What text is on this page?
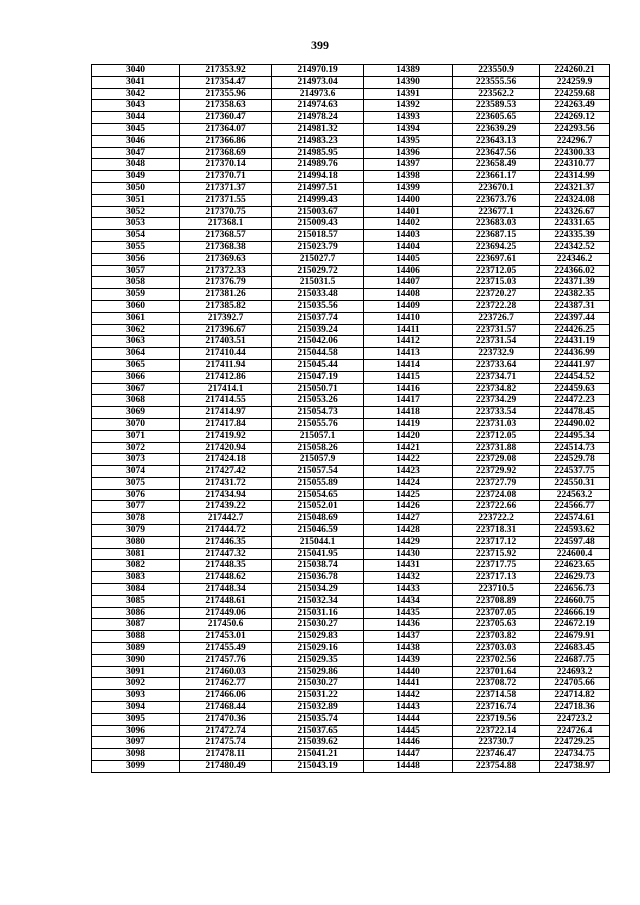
399
3040	217353.92	214970.19	14389	223550.9	224260.21
3041	217354.47	214973.04	14390	223555.56	224259.9
3042	217355.96	214973.6	14391	223562.2	224259.68
3043	217358.63	214974.63	14392	223589.53	224263.49
3044	217360.47	214978.24	14393	223605.65	224269.12
3045	217364.07	214981.32	14394	223639.29	224293.56
3046	217366.86	214983.23	14395	223643.13	224296.7
3047	217368.69	214985.95	14396	223647.56	224300.33
3048	217370.14	214989.76	14397	223658.49	224310.77
3049	217370.71	214994.18	14398	223661.17	224314.99
3050	217371.37	214997.51	14399	223670.1	224321.37
3051	217371.55	214999.43	14400	223673.76	224324.08
3052	217370.75	215003.67	14401	223677.1	224326.67
3053	217368.1	215009.43	14402	223683.03	224331.65
3054	217368.57	215018.57	14403	223687.15	224335.39
3055	217368.38	215023.79	14404	223694.25	224342.52
3056	217369.63	215027.7	14405	223697.61	224346.2
3057	217372.33	215029.72	14406	223712.05	224366.02
3058	217376.79	215031.5	14407	223715.03	224371.39
3059	217381.26	215033.48	14408	223720.27	224382.35
3060	217385.82	215035.56	14409	223722.28	224387.31
3061	217392.7	215037.74	14410	223726.7	224397.44
3062	217396.67	215039.24	14411	223731.57	224426.25
3063	217403.51	215042.06	14412	223731.54	224431.19
3064	217410.44	215044.58	14413	223732.9	224436.99
3065	217411.94	215045.44	14414	223733.64	224441.97
3066	217412.86	215047.19	14415	223734.71	224454.52
3067	217414.1	215050.71	14416	223734.82	224459.63
3068	217414.55	215053.26	14417	223734.29	224472.23
3069	217414.97	215054.73	14418	223733.54	224478.45
3070	217417.84	215055.76	14419	223731.03	224490.02
3071	217419.92	215057.1	14420	223712.05	224495.34
3072	217420.94	215058.26	14421	223731.88	224514.73
3073	217424.18	215057.9	14422	223729.08	224529.78
3074	217427.42	215057.54	14423	223729.92	224537.75
3075	217431.72	215055.89	14424	223727.79	224550.31
3076	217434.94	215054.65	14425	223724.08	224563.2
3077	217439.22	215052.01	14426	223722.66	224566.77
3078	217442.7	215048.69	14427	223722.2	224574.61
3079	217444.72	215046.59	14428	223718.31	224593.62
3080	217446.35	215044.1	14429	223717.12	224597.48
3081	217447.32	215041.95	14430	223715.92	224600.4
3082	217448.35	215038.74	14431	223717.75	224623.65
3083	217448.62	215036.78	14432	223717.13	224629.73
3084	217448.34	215034.29	14433	223710.5	224656.73
3085	217448.61	215032.34	14434	223708.89	224660.75
3086	217449.06	215031.16	14435	223707.05	224666.19
3087	217450.6	215030.27	14436	223705.63	224672.19
3088	217453.01	215029.83	14437	223703.82	224679.91
3089	217455.49	215029.16	14438	223703.03	224683.45
3090	217457.76	215029.35	14439	223702.56	224687.75
3091	217460.03	215029.86	14440	223701.64	224693.2
3092	217462.77	215030.27	14441	223708.72	224705.66
3093	217466.06	215031.22	14442	223714.58	224714.82
3094	217468.44	215032.89	14443	223716.74	224718.36
3095	217470.36	215035.74	14444	223719.56	224723.2
3096	217472.74	215037.65	14445	223722.14	224726.4
3097	217475.74	215039.62	14446	223730.7	224729.25
3098	217478.11	215041.21	14447	223746.47	224734.75
3099	217480.49	215043.19	14448	223754.88	224738.97
